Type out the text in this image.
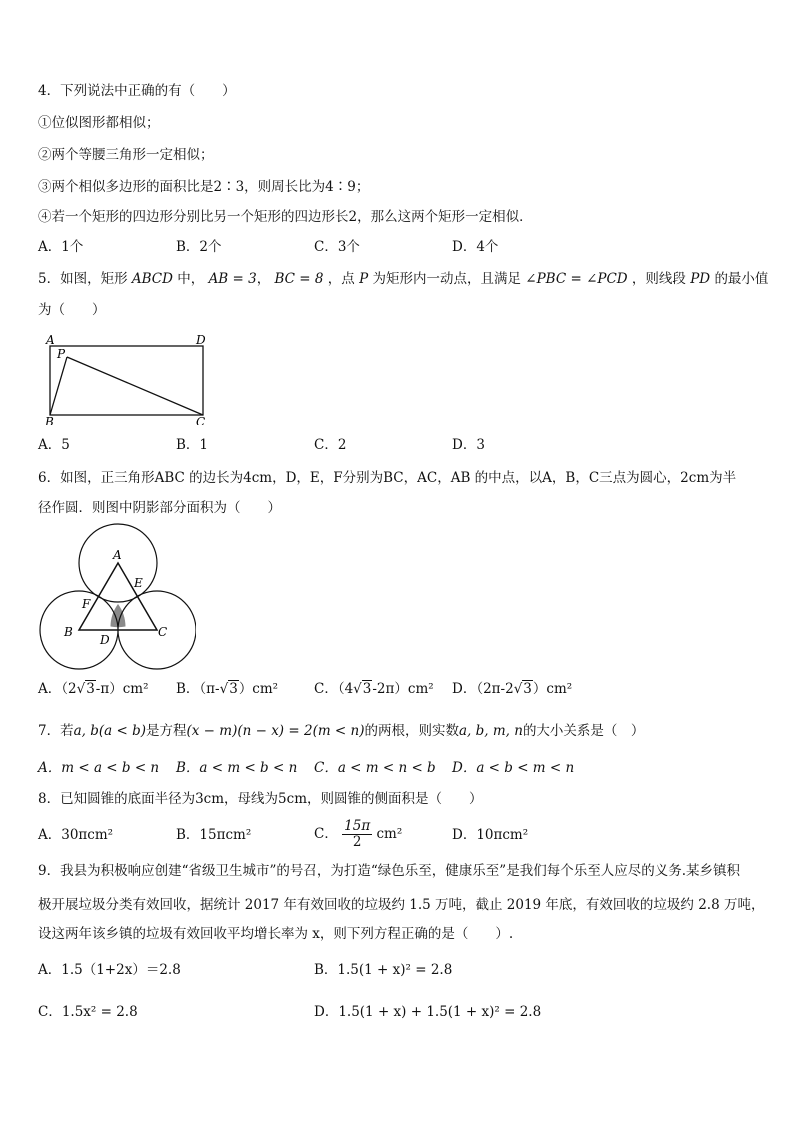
4．下列说法中正确的有（　　）
①位似图形都相似；
②两个等腰三角形一定相似；
③两个相似多边形的面积比是2∶3，则周长比为4∶9；
④若一个矩形的四边形分别比另一个矩形的四边形长2，那么这两个矩形一定相似．
A．1个	B．2个	C．3个	D．4个
5．如图，矩形 ABCD 中， AB = 3， BC = 8 ，点 P 为矩形内一动点，且满足 ∠PBC = ∠PCD ，则线段 PD 的最小值
为（　　）
A	D
P
B	C
A．5	B．1	C．2	D．3
6．如图，正三角形ABC 的边长为4cm，D，E，F分别为BC，AC，AB 的中点，以A，B，C三点为圆心，2cm为半
径作圆．则图中阴影部分面积为（　　）
A
E
F
B	C
D
A．（2√3-π）cm² B．（π-√3）cm²	C．（4√3-2π）cm² D．（2π-2√3）cm²
7．若a, b(a < b)是方程(x − m)(n − x) = 2(m < n)的两根，则实数a, b, m, n的大小关系是（　）
A．m < a < b < n B．a < m < b < n C．a < m < n < b D．a < b < m < n
8．已知圆锥的底面半径为3cm，母线为5cm，则圆锥的侧面积是（　　）
A．30πcm²	B．15πcm²	C． $\frac{15\pi}{2} cm^2$	D．10πcm²
9．我县为积极响应创建“省级卫生城市”的号召，为打造“绿色乐至，健康乐至”是我们每个乐至人应尽的义务.某乡镇积
极开展垃圾分类有效回收，据统计 2017 年有效回收的垃圾约 1.5 万吨，截止 2019 年底，有效回收的垃圾约 2.8 万吨，
设这两年该乡镇的垃圾有效回收平均增长率为 x，则下列方程正确的是（　　）.
A．1.5（1+2x）＝2.8	B．1.5(1 + x)² = 2.8
C．1.5x² = 2.8	D．1.5(1 + x) + 1.5(1 + x)² = 2.8
